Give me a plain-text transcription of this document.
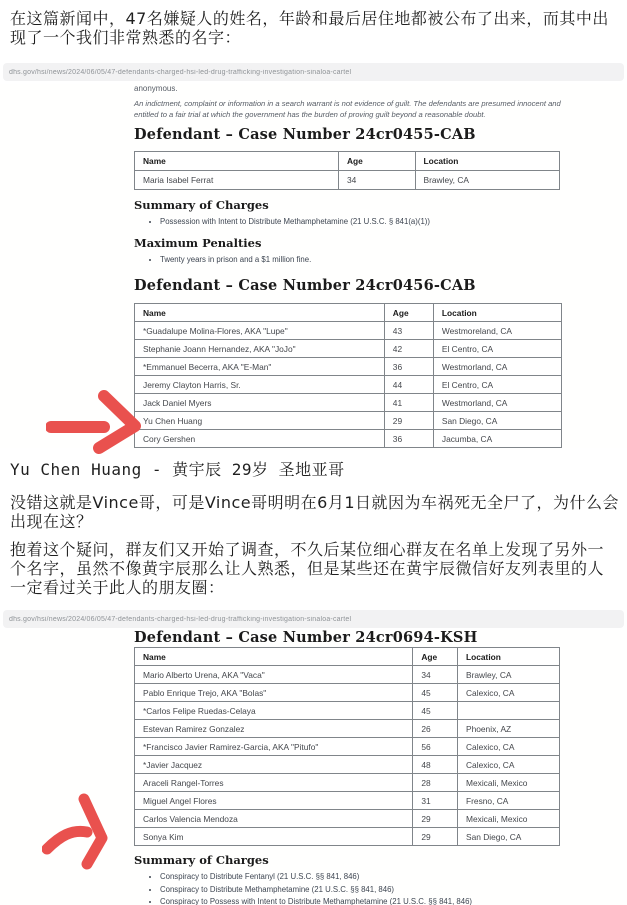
在这篇新闻中，47名嫌疑人的姓名，年龄和最后居住地都被公布了出来，而其中出现了一个我们非常熟悉的名字：

dhs.gov/hsi/news/2024/06/05/47-defendants-charged-hsi-led-drug-trafficking-investigation-sinaloa-cartel

anonymous.

An indictment, complaint or information in a search warrant is not evidence of guilt. The defendants are presumed innocent and entitled to a fair trial at which the government has the burden of proving guilt beyond a reasonable doubt.

Defendant – Case Number 24cr0455-CAB
Name	Age	Location
Maria Isabel Ferrat	34	Brawley, CA
Summary of Charges
• Possession with Intent to Distribute Methamphetamine (21 U.S.C. § 841(a)(1))
Maximum Penalties
• Twenty years in prison and a $1 million fine.
Defendant – Case Number 24cr0456-CAB
Name	Age	Location
*Guadalupe Molina-Flores, AKA "Lupe"	43	Westmoreland, CA
Stephanie Joann Hernandez, AKA "JoJo"	42	El Centro, CA
*Emmanuel Becerra, AKA "E-Man"	36	Westmorland, CA
Jeremy Clayton Harris, Sr.	44	El Centro, CA
Jack Daniel Myers	41	Westmorland, CA
Yu Chen Huang	29	San Diego, CA
Cory Gershen	36	Jacumba, CA

Yu Chen Huang - 黄宇辰 29岁 圣地亚哥

没错这就是Vince哥，可是Vince哥明明在6月1日就因为车祸死无全尸了，为什么会出现在这？

抱着这个疑问，群友们又开始了调查，不久后某位细心群友在名单上发现了另外一个名字，虽然不像黄宇辰那么让人熟悉，但是某些还在黄宇辰微信好友列表里的人一定看过关于此人的朋友圈：

dhs.gov/hsi/news/2024/06/05/47-defendants-charged-hsi-led-drug-trafficking-investigation-sinaloa-cartel
Defendant – Case Number 24cr0694-KSH
Name	Age	Location
Mario Alberto Urena, AKA "Vaca"	34	Brawley, CA
Pablo Enrique Trejo, AKA "Bolas"	45	Calexico, CA
*Carlos Felipe Ruedas-Celaya	45	
Estevan Ramirez Gonzalez	26	Phoenix, AZ
*Francisco Javier Ramirez-Garcia, AKA "Pitufo"	56	Calexico, CA
*Javier Jacquez	48	Calexico, CA
Araceli Rangel-Torres	28	Mexicali, Mexico
Miguel Angel Flores	31	Fresno, CA
Carlos Valencia Mendoza	29	Mexicali, Mexico
Sonya Kim	29	San Diego, CA
Summary of Charges
• Conspiracy to Distribute Fentanyl (21 U.S.C. §§ 841, 846)
• Conspiracy to Distribute Methamphetamine (21 U.S.C. §§ 841, 846)
• Conspiracy to Possess with Intent to Distribute Methamphetamine (21 U.S.C. §§ 841, 846)
